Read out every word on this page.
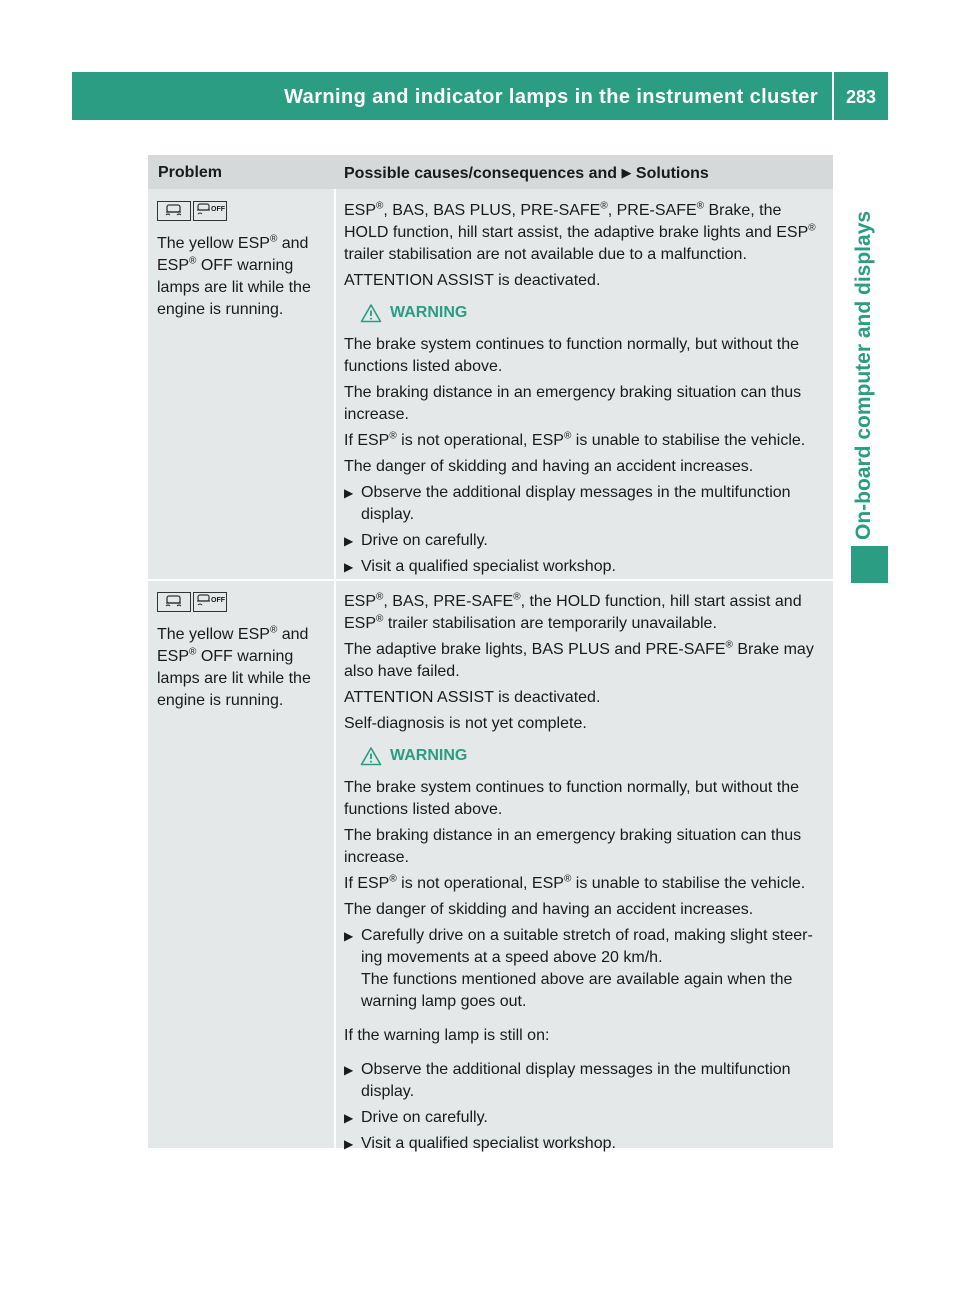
Warning and indicator lamps in the instrument cluster	283
On-board computer and displays
Problem	Possible causes/consequences and ▶ Solutions
OFF

The yellow ESP® and
ESP® OFF warning
lamps are lit while the
engine is running.

ESP®, BAS, BAS PLUS, PRE-SAFE®, PRE-SAFE® Brake, the HOLD function, hill start assist, the adaptive brake lights and ESP® trailer stabilisation are not available due to a malfunction.

ATTENTION ASSIST is deactivated.

WARNING

The brake system continues to function normally, but without the functions listed above.

The braking distance in an emergency braking situation can thus increase.

If ESP® is not operational, ESP® is unable to stabilise the vehicle.

The danger of skidding and having an accident increases.

▶ Observe the additional display messages in the multifunction display.
▶ Drive on carefully.
▶ Visit a qualified specialist workshop.
OFF

The yellow ESP® and
ESP® OFF warning
lamps are lit while the
engine is running.

ESP®, BAS, PRE-SAFE®, the HOLD function, hill start assist and ESP® trailer stabilisation are temporarily unavailable.

The adaptive brake lights, BAS PLUS and PRE-SAFE® Brake may also have failed.

ATTENTION ASSIST is deactivated.

Self-diagnosis is not yet complete.

WARNING

The brake system continues to function normally, but without the functions listed above.

The braking distance in an emergency braking situation can thus increase.

If ESP® is not operational, ESP® is unable to stabilise the vehicle.

The danger of skidding and having an accident increases.

▶ Carefully drive on a suitable stretch of road, making slight steer-ing movements at a speed above 20 km/h.
The functions mentioned above are available again when the warning lamp goes out.

If the warning lamp is still on:

▶ Observe the additional display messages in the multifunction display.
▶ Drive on carefully.
▶ Visit a qualified specialist workshop.
